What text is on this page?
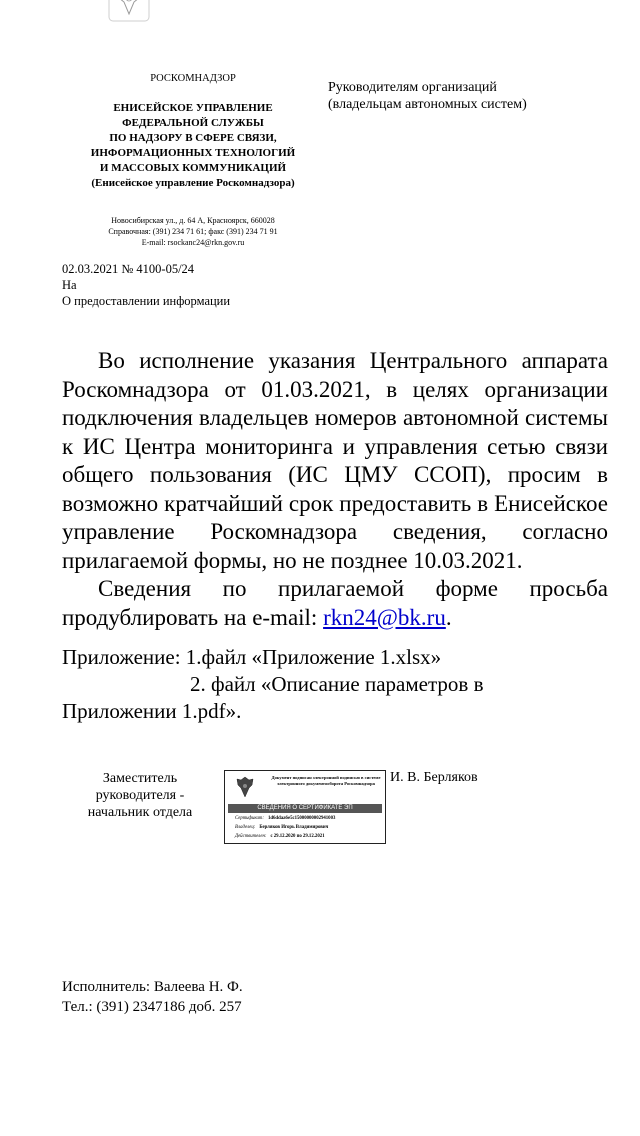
РОСКОМНАДЗОР
ЕНИСЕЙСКОЕ УПРАВЛЕНИЕ
ФЕДЕРАЛЬНОЙ СЛУЖБЫ
ПО НАДЗОРУ В СФЕРЕ СВЯЗИ,
ИНФОРМАЦИОННЫХ ТЕХНОЛОГИЙ
И МАССОВЫХ КОММУНИКАЦИЙ
(Енисейское управление Роскомнадзора)
Новосибирская ул., д. 64 А, Красноярск, 660028
Справочная: (391) 234 71 61; факс (391) 234 71 91
E-mail: rsockanc24@rkn.gov.ru
Руководителям организаций
(владельцам автономных систем)
02.03.2021 № 4100-05/24
На
О предоставлении информации

Во исполнение указания Центрального аппарата Роскомнадзора от 01.03.2021, в целях организации подключения владельцев номеров автономной системы к ИС Центра мониторинга и управления сетью связи общего пользования (ИС ЦМУ ССОП), просим в возможно кратчайший срок предоставить в Енисейское управление Роскомнадзора сведения, согласно прилагаемой формы, но не позднее 10.03.2021.

Сведения по прилагаемой форме просьба продублировать на e-mail: rkn24@bk.ru.

Приложение: 1.файл «Приложение 1.xlsx»
2. файл «Описание параметров в
Приложении 1.pdf».
Заместитель
руководителя -
начальник отдела
Документ подписан электронной подписью в системе электронного документооборота Роскомнадзора
СВЕДЕНИЯ О СЕРТИФИКАТЕ ЭП
Сертификат: 1d6ddaa6e5c15000000002941003
Владелец: Берляков Игорь Владимирович
Действителен: с 29.12.2020 по 29.12.2021
И. В. Берляков
Исполнитель: Валеева Н. Ф.
Тел.: (391) 2347186 доб. 257
